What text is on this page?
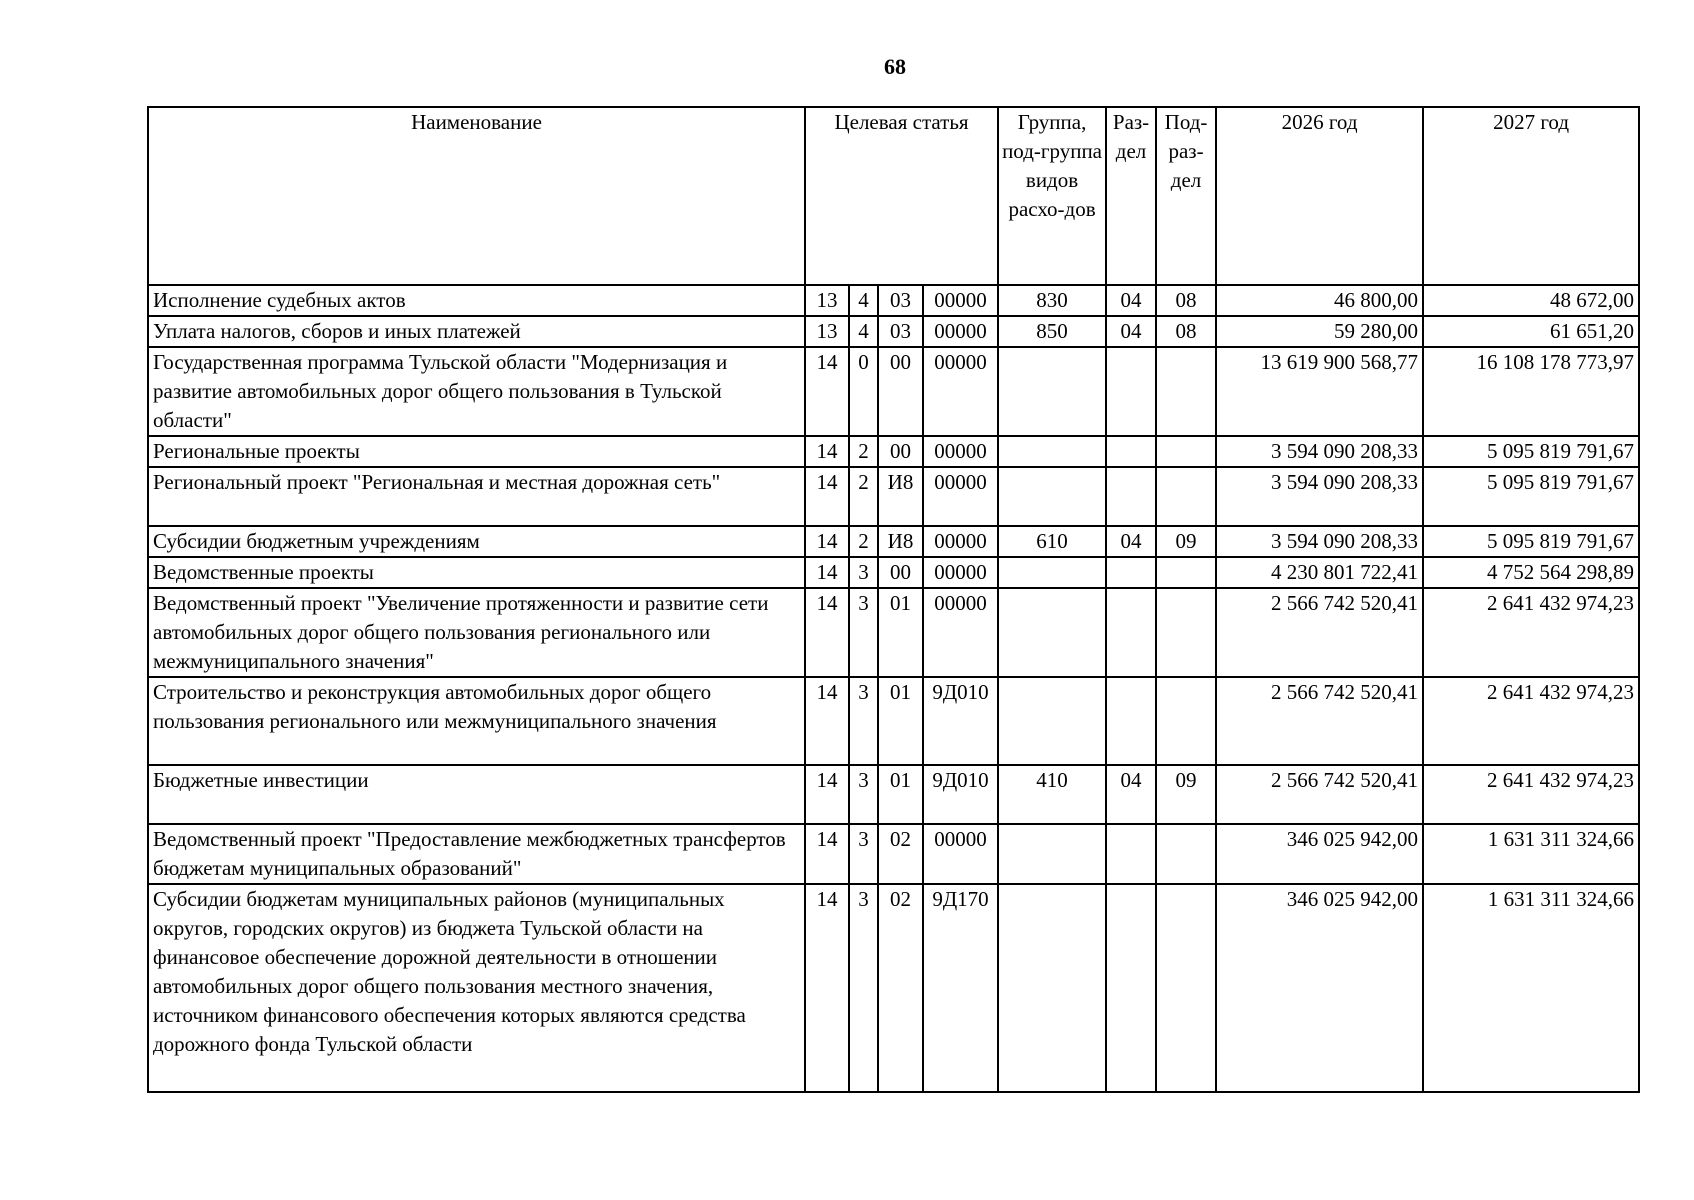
68
Наименование	Целевая статья				Группа, под-группа видов расхо-дов	Раз-дел	Под-раз-дел	2026 год	2027 год
Исполнение судебных актов	13	4	03	00000	830	04	08	46 800,00	48 672,00
Уплата налогов, сборов и иных платежей	13	4	03	00000	850	04	08	59 280,00	61 651,20
Государственная программа Тульской области "Модернизация и развитие автомобильных дорог общего пользования в Тульской области"	14	0	00	00000				13 619 900 568,77	16 108 178 773,97
Региональные проекты	14	2	00	00000				3 594 090 208,33	5 095 819 791,67
Региональный проект "Региональная и местная дорожная сеть"	14	2	И8	00000				3 594 090 208,33	5 095 819 791,67
Субсидии бюджетным учреждениям	14	2	И8	00000	610	04	09	3 594 090 208,33	5 095 819 791,67
Ведомственные проекты	14	3	00	00000				4 230 801 722,41	4 752 564 298,89
Ведомственный проект "Увеличение протяженности и развитие сети автомобильных дорог общего пользования регионального или межмуниципального значения"	14	3	01	00000				2 566 742 520,41	2 641 432 974,23
Строительство и реконструкция автомобильных дорог общего пользования регионального или межмуниципального значения	14	3	01	9Д010				2 566 742 520,41	2 641 432 974,23
Бюджетные инвестиции	14	3	01	9Д010	410	04	09	2 566 742 520,41	2 641 432 974,23
Ведомственный проект "Предоставление межбюджетных трансфертов бюджетам муниципальных образований"	14	3	02	00000				346 025 942,00	1 631 311 324,66
Субсидии бюджетам муниципальных районов (муниципальных округов, городских округов) из бюджета Тульской области на финансовое обеспечение дорожной деятельности в отношении автомобильных дорог общего пользования местного значения, источником финансового обеспечения которых являются средства дорожного фонда Тульской области	14	3	02	9Д170				346 025 942,00	1 631 311 324,66
